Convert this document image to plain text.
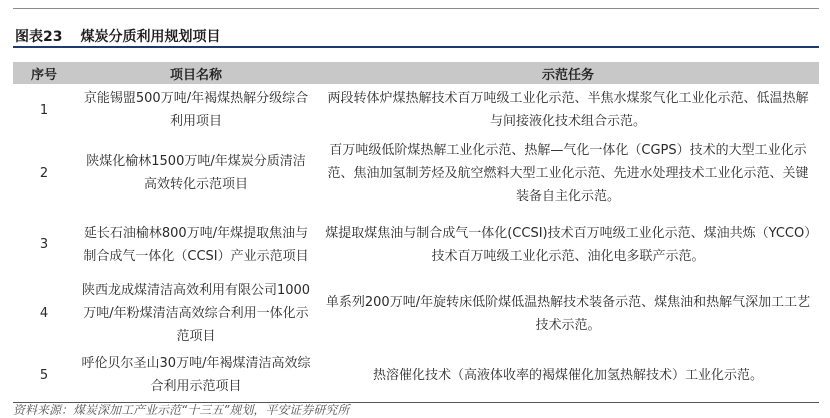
图表23 煤炭分质利用规划项目
序号	项目名称	示范任务
1	京能锡盟500万吨/年褐煤热解分级综合利用项目	两段转体炉煤热解技术百万吨级工业化示范、半焦水煤浆气化工业化示范、低温热解与间接液化技术组合示范。
2	陕煤化榆林1500万吨/年煤炭分质清洁高效转化示范项目	百万吨级低阶煤热解工业化示范、热解—气化一体化（CGPS）技术的大型工业化示范、焦油加氢制芳烃及航空燃料大型工业化示范、先进水处理技术工业化示范、关键装备自主化示范。
3	延长石油榆林800万吨/年煤提取焦油与制合成气一体化（CCSI）产业示范项目	煤提取煤焦油与制合成气一体化(CCSI)技术百万吨级工业化示范、煤油共炼（YCCO）技术百万吨级工业化示范、油化电多联产示范。
4	陕西龙成煤清洁高效利用有限公司1000万吨/年粉煤清洁高效综合利用一体化示范项目	单系列200万吨/年旋转床低阶煤低温热解技术装备示范、煤焦油和热解气深加工工艺技术示范。
5	呼伦贝尔圣山30万吨/年褐煤清洁高效综合利用示范项目	热溶催化技术（高液体收率的褐煤催化加氢热解技术）工业化示范。
资料来源：煤炭深加工产业示范“十三五”规划，平安证券研究所
